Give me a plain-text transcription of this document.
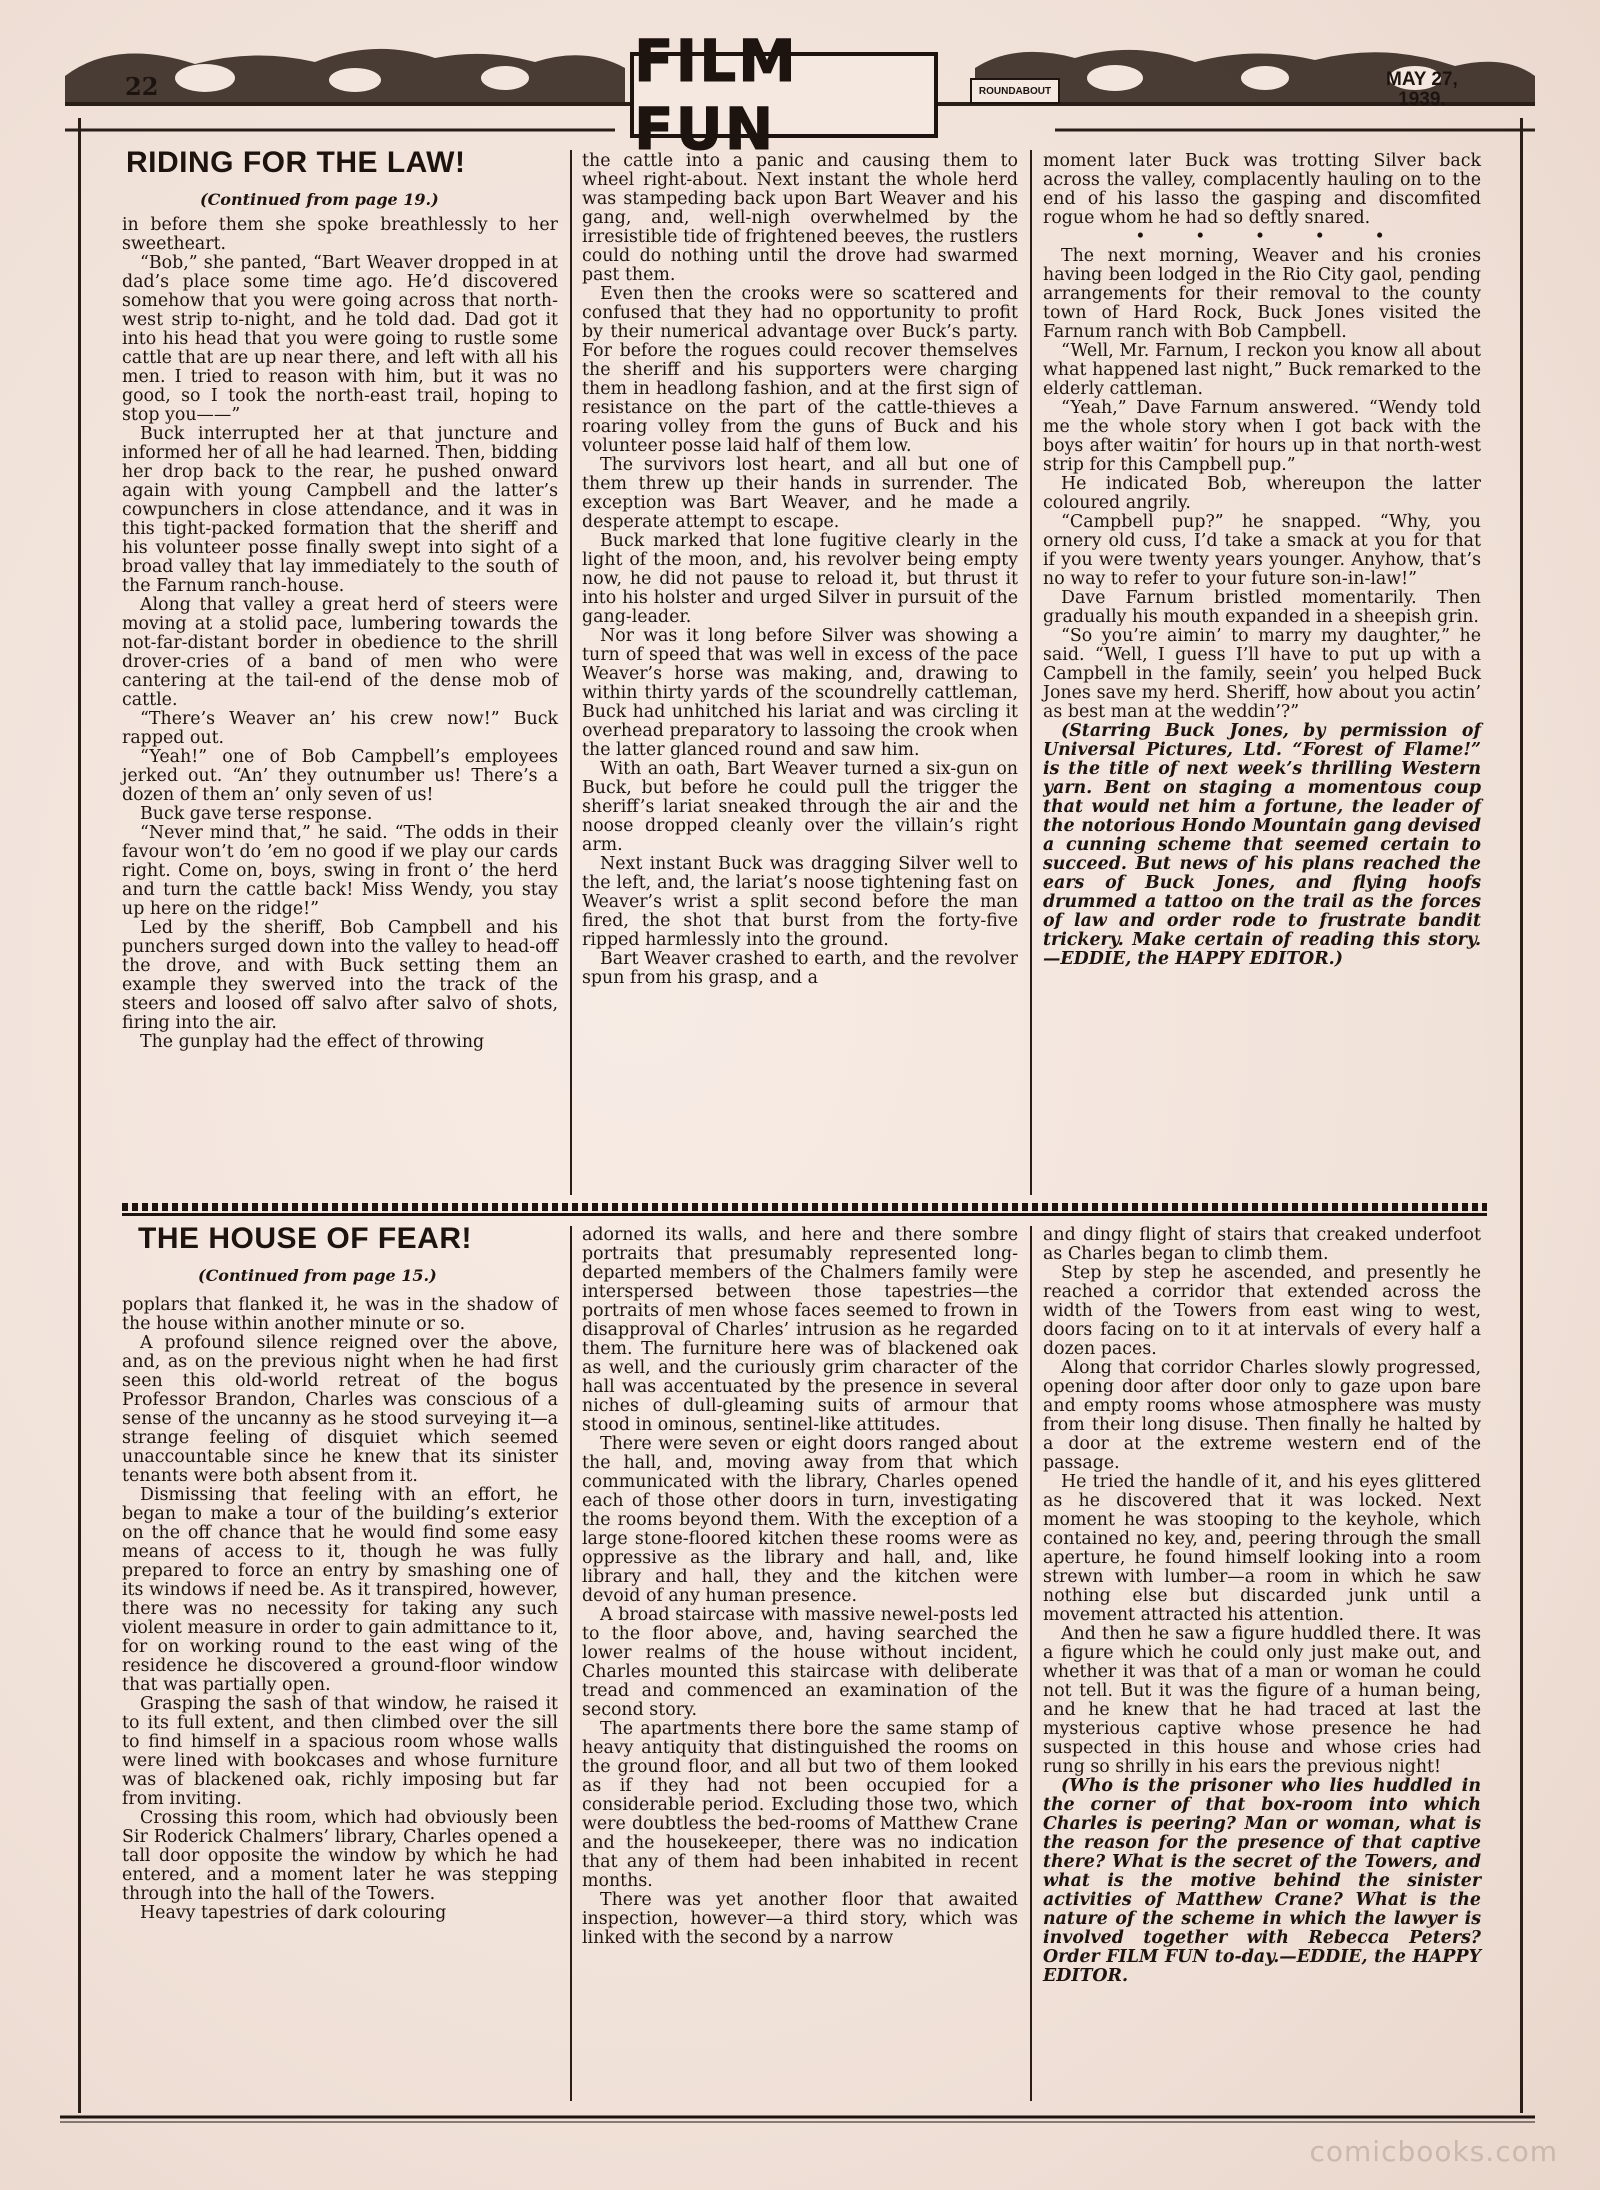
FILM FUN
ROUNDABOUT
22	MAY 27,
1939.
RIDING FOR THE LAW!
(Continued from page 19.)

in before them she spoke breathlessly to her sweetheart.

“Bob,” she panted, “Bart Weaver dropped in at dad’s place some time ago. He’d discovered somehow that you were going across that north-west strip to-night, and he told dad. Dad got it into his head that you were going to rustle some cattle that are up near there, and left with all his men. I tried to reason with him, but it was no good, so I took the north-east trail, hoping to stop you——”

Buck interrupted her at that juncture and informed her of all he had learned. Then, bidding her drop back to the rear, he pushed onward again with young Campbell and the latter’s cowpunchers in close attendance, and it was in this tight-packed formation that the sheriff and his volunteer posse finally swept into sight of a broad valley that lay immediately to the south of the Farnum ranch-house.

Along that valley a great herd of steers were moving at a stolid pace, lumbering towards the not-far-distant border in obedience to the shrill drover-cries of a band of men who were cantering at the tail-end of the dense mob of cattle.

“There’s Weaver an’ his crew now!” Buck rapped out.

“Yeah!” one of Bob Campbell’s employees jerked out. “An’ they outnumber us! There’s a dozen of them an’ only seven of us!

Buck gave terse response.

“Never mind that,” he said. “The odds in their favour won’t do ’em no good if we play our cards right. Come on, boys, swing in front o’ the herd and turn the cattle back! Miss Wendy, you stay up here on the ridge!”

Led by the sheriff, Bob Campbell and his punchers surged down into the valley to head-off the drove, and with Buck setting them an example they swerved into the track of the steers and loosed off salvo after salvo of shots, firing into the air.

The gunplay had the effect of throwing

the cattle into a panic and causing them to wheel right-about. Next instant the whole herd was stampeding back upon Bart Weaver and his gang, and, well-nigh overwhelmed by the irresistible tide of frightened beeves, the rustlers could do nothing until the drove had swarmed past them.

Even then the crooks were so scattered and confused that they had no opportunity to profit by their numerical advantage over Buck’s party. For before the rogues could recover themselves the sheriff and his supporters were charging them in headlong fashion, and at the first sign of resistance on the part of the cattle-thieves a roaring volley from the guns of Buck and his volunteer posse laid half of them low.

The survivors lost heart, and all but one of them threw up their hands in surrender. The exception was Bart Weaver, and he made a desperate attempt to escape.

Buck marked that lone fugitive clearly in the light of the moon, and, his revolver being empty now, he did not pause to reload it, but thrust it into his holster and urged Silver in pursuit of the gang-leader.

Nor was it long before Silver was showing a turn of speed that was well in excess of the pace Weaver’s horse was making, and, drawing to within thirty yards of the scoundrelly cattleman, Buck had unhitched his lariat and was circling it overhead preparatory to lassoing the crook when the latter glanced round and saw him.

With an oath, Bart Weaver turned a six-gun on Buck, but before he could pull the trigger the sheriff’s lariat sneaked through the air and the noose dropped cleanly over the villain’s right arm.

Next instant Buck was dragging Silver well to the left, and, the lariat’s noose tightening fast on Weaver’s wrist a split second before the man fired, the shot that burst from the forty-five ripped harmlessly into the ground.

Bart Weaver crashed to earth, and the revolver spun from his grasp, and a

moment later Buck was trotting Silver back across the valley, complacently hauling on to the end of his lasso the gasping and discomfited rogue whom he had so deftly snared.

• • • • •

The next morning, Weaver and his cronies having been lodged in the Rio City gaol, pending arrangements for their removal to the county town of Hard Rock, Buck Jones visited the Farnum ranch with Bob Campbell.

“Well, Mr. Farnum, I reckon you know all about what happened last night,” Buck remarked to the elderly cattleman.

“Yeah,” Dave Farnum answered. “Wendy told me the whole story when I got back with the boys after waitin’ for hours up in that north-west strip for this Campbell pup.”

He indicated Bob, whereupon the latter coloured angrily.

“Campbell pup?” he snapped. “Why, you ornery old cuss, I’d take a smack at you for that if you were twenty years younger. Anyhow, that’s no way to refer to your future son-in-law!”

Dave Farnum bristled momentarily. Then gradually his mouth expanded in a sheepish grin.

“So you’re aimin’ to marry my daughter,” he said. “Well, I guess I’ll have to put up with a Campbell in the family, seein’ you helped Buck Jones save my herd. Sheriff, how about you actin’ as best man at the weddin’?”

(Starring Buck Jones, by permission of Universal Pictures, Ltd. “Forest of Flame!” is the title of next week’s thrilling Western yarn. Bent on staging a momentous coup that would net him a fortune, the leader of the notorious Hondo Mountain gang devised a cunning scheme that seemed certain to succeed. But news of his plans reached the ears of Buck Jones, and flying hoofs drummed a tattoo on the trail as the forces of law and order rode to frustrate bandit trickery. Make certain of reading this story.—EDDIE, the HAPPY EDITOR.)

THE HOUSE OF FEAR!
(Continued from page 15.)

poplars that flanked it, he was in the shadow of the house within another minute or so.

A profound silence reigned over the above, and, as on the previous night when he had first seen this old-world retreat of the bogus Professor Brandon, Charles was conscious of a sense of the uncanny as he stood surveying it—a strange feeling of disquiet which seemed unaccountable since he knew that its sinister tenants were both absent from it.

Dismissing that feeling with an effort, he began to make a tour of the building’s exterior on the off chance that he would find some easy means of access to it, though he was fully prepared to force an entry by smashing one of its windows if need be. As it transpired, however, there was no necessity for taking any such violent measure in order to gain admittance to it, for on working round to the east wing of the residence he discovered a ground-floor window that was partially open.

Grasping the sash of that window, he raised it to its full extent, and then climbed over the sill to find himself in a spacious room whose walls were lined with bookcases and whose furniture was of blackened oak, richly imposing but far from inviting.

Crossing this room, which had obviously been Sir Roderick Chalmers’ library, Charles opened a tall door opposite the window by which he had entered, and a moment later he was stepping through into the hall of the Towers.

Heavy tapestries of dark colouring

adorned its walls, and here and there sombre portraits that presumably represented long-departed members of the Chalmers family were interspersed between those tapestries—the portraits of men whose faces seemed to frown in disapproval of Charles’ intrusion as he regarded them. The furniture here was of blackened oak as well, and the curiously grim character of the hall was accentuated by the presence in several niches of dull-gleaming suits of armour that stood in ominous, sentinel-like attitudes.

There were seven or eight doors ranged about the hall, and, moving away from that which communicated with the library, Charles opened each of those other doors in turn, investigating the rooms beyond them. With the exception of a large stone-floored kitchen these rooms were as oppressive as the library and hall, and, like library and hall, they and the kitchen were devoid of any human presence.

A broad staircase with massive newel-posts led to the floor above, and, having searched the lower realms of the house without incident, Charles mounted this staircase with deliberate tread and commenced an examination of the second story.

The apartments there bore the same stamp of heavy antiquity that distinguished the rooms on the ground floor, and all but two of them looked as if they had not been occupied for a considerable period. Excluding those two, which were doubtless the bed-rooms of Matthew Crane and the housekeeper, there was no indication that any of them had been inhabited in recent months.

There was yet another floor that awaited inspection, however—a third story, which was linked with the second by a narrow

and dingy flight of stairs that creaked underfoot as Charles began to climb them.

Step by step he ascended, and presently he reached a corridor that extended across the width of the Towers from east wing to west, doors facing on to it at intervals of every half a dozen paces.

Along that corridor Charles slowly progressed, opening door after door only to gaze upon bare and empty rooms whose atmosphere was musty from their long disuse. Then finally he halted by a door at the extreme western end of the passage.

He tried the handle of it, and his eyes glittered as he discovered that it was locked. Next moment he was stooping to the keyhole, which contained no key, and, peering through the small aperture, he found himself looking into a room strewn with lumber—a room in which he saw nothing else but discarded junk until a movement attracted his attention.

And then he saw a figure huddled there. It was a figure which he could only just make out, and whether it was that of a man or woman he could not tell. But it was the figure of a human being, and he knew that he had traced at last the mysterious captive whose presence he had suspected in this house and whose cries had rung so shrilly in his ears the previous night!

(Who is the prisoner who lies huddled in the corner of that box-room into which Charles is peering? Man or woman, what is the reason for the presence of that captive there? What is the secret of the Towers, and what is the motive behind the sinister activities of Matthew Crane? What is the nature of the scheme in which the lawyer is involved together with Rebecca Peters? Order FILM FUN to-day.—EDDIE, the HAPPY EDITOR.

comicbooks.com
